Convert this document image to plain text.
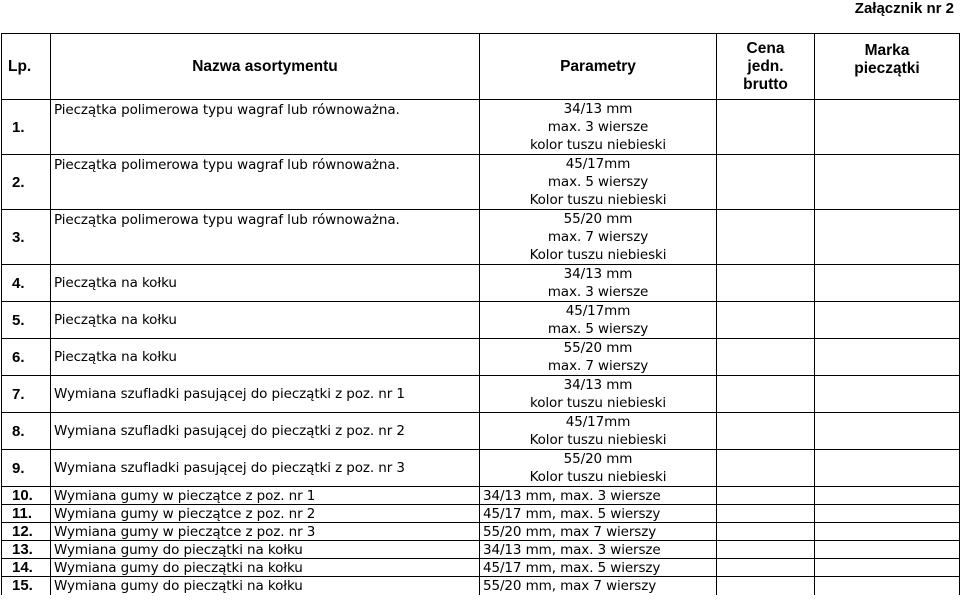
Załącznik nr 2
Lp.	Nazwa asortymentu	Parametry	Cena
jedn.
brutto	Marka
pieczątki

1.	Pieczątka polimerowa typu wagraf lub równoważna.	34/13 mm
max. 3 wiersze
kolor tuszu niebieski		

2.	Pieczątka polimerowa typu wagraf lub równoważna.	45/17mm
max. 5 wierszy
Kolor tuszu niebieski		

3.	Pieczątka polimerowa typu wagraf lub równoważna.	55/20 mm
max. 7 wierszy
Kolor tuszu niebieski		

4.	Pieczątka na kołku	34/13 mm
max. 3 wiersze		

5.	Pieczątka na kołku	45/17mm
max. 5 wierszy		

6.	Pieczątka na kołku	55/20 mm
max. 7 wierszy		

7.	Wymiana szufladki pasującej do pieczątki z poz. nr 1	34/13 mm
kolor tuszu niebieski		

8.	Wymiana szufladki pasującej do pieczątki z poz. nr 2	45/17mm
Kolor tuszu niebieski		

9.	Wymiana szufladki pasującej do pieczątki z poz. nr 3	55/20 mm
Kolor tuszu niebieski		

10.	Wymiana gumy w pieczątce z poz. nr 1	34/13 mm, max. 3 wiersze		
11.	Wymiana gumy w pieczątce z poz. nr 2	45/17 mm, max. 5 wierszy		
12.	Wymiana gumy w pieczątce z poz. nr 3	55/20 mm, max 7 wierszy		
13.	Wymiana gumy do pieczątki na kołku	34/13 mm, max. 3 wiersze		
14.	Wymiana gumy do pieczątki na kołku	45/17 mm, max. 5 wierszy		
15.	Wymiana gumy do pieczątki na kołku	55/20 mm, max 7 wierszy		
